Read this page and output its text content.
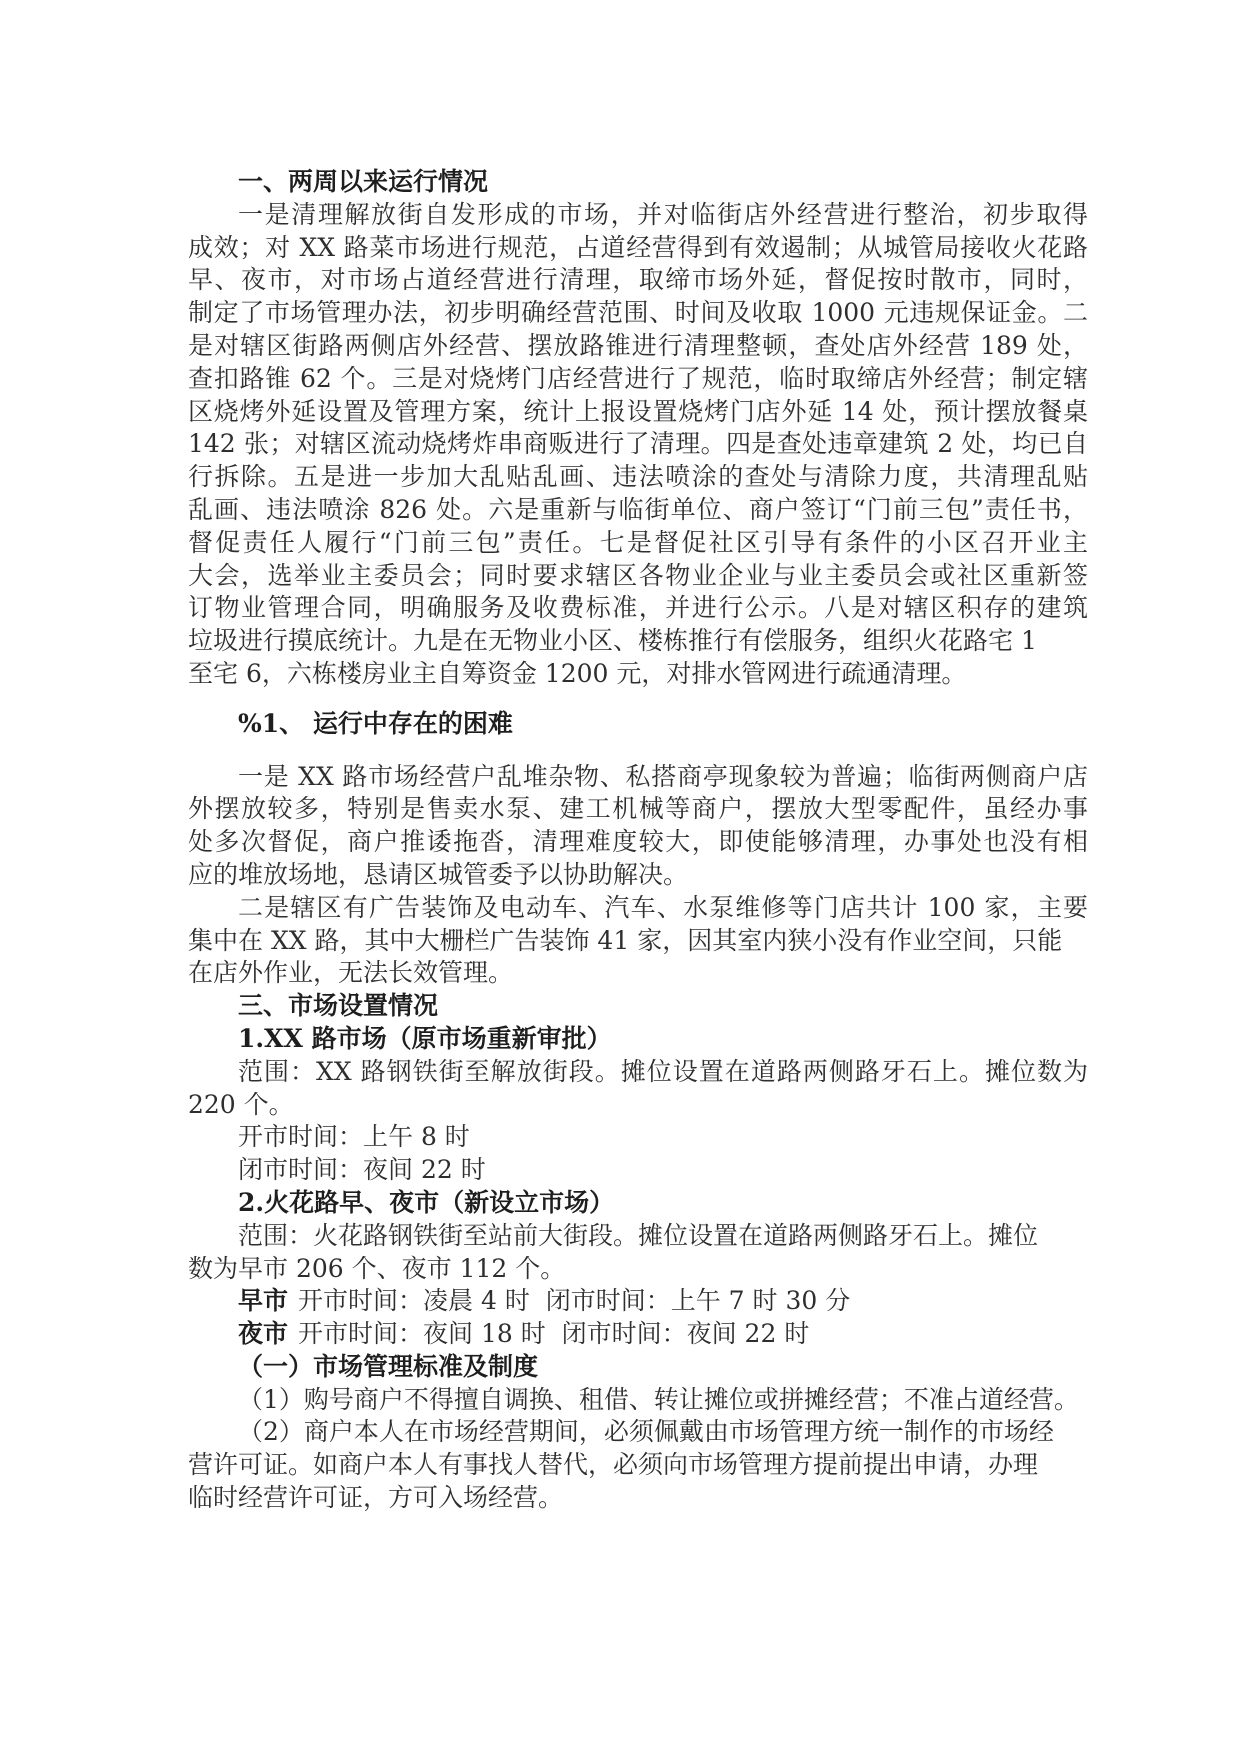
一、两周以来运行情况
一是清理解放街自发形成的市场，并对临街店外经营进行整治，初步取得
成效；对 XX 路菜市场进行规范，占道经营得到有效遏制；从城管局接收火花路
早、夜市，对市场占道经营进行清理，取缔市场外延，督促按时散市，同时，
制定了市场管理办法，初步明确经营范围、时间及收取 1000 元违规保证金。二
是对辖区街路两侧店外经营、摆放路锥进行清理整顿，查处店外经营 189 处，
查扣路锥 62 个。三是对烧烤门店经营进行了规范，临时取缔店外经营；制定辖
区烧烤外延设置及管理方案，统计上报设置烧烤门店外延 14 处，预计摆放餐桌
142 张；对辖区流动烧烤炸串商贩进行了清理。四是查处违章建筑 2 处，均已自
行拆除。五是进一步加大乱贴乱画、违法喷涂的查处与清除力度，共清理乱贴
乱画、违法喷涂 826 处。六是重新与临街单位、商户签订“门前三包”责任书，
督促责任人履行“门前三包”责任。七是督促社区引导有条件的小区召开业主
大会，选举业主委员会；同时要求辖区各物业企业与业主委员会或社区重新签
订物业管理合同，明确服务及收费标准，并进行公示。八是对辖区积存的建筑
垃圾进行摸底统计。九是在无物业小区、楼栋推行有偿服务，组织火花路宅 1
至宅 6，六栋楼房业主自筹资金 1200 元，对排水管网进行疏通清理。
%1、 运行中存在的困难
一是 XX 路市场经营户乱堆杂物、私搭商亭现象较为普遍；临街两侧商户店
外摆放较多，特别是售卖水泵、建工机械等商户，摆放大型零配件，虽经办事
处多次督促，商户推诿拖沓，清理难度较大，即使能够清理，办事处也没有相
应的堆放场地，恳请区城管委予以协助解决。
二是辖区有广告装饰及电动车、汽车、水泵维修等门店共计 100 家，主要
集中在 XX 路，其中大栅栏广告装饰 41 家，因其室内狭小没有作业空间，只能
在店外作业，无法长效管理。
三、市场设置情况
1.XX 路市场（原市场重新审批）
范围：XX 路钢铁街至解放街段。摊位设置在道路两侧路牙石上。摊位数为
220 个。
开市时间：上午 8 时
闭市时间：夜间 22 时
2.火花路早、夜市（新设立市场）
范围：火花路钢铁街至站前大街段。摊位设置在道路两侧路牙石上。摊位
数为早市 206 个、夜市 112 个。
早市 开市时间：凌晨 4 时  闭市时间：上午 7 时 30 分
夜市 开市时间：夜间 18 时  闭市时间：夜间 22 时
（一）市场管理标准及制度
（1）购号商户不得擅自调换、租借、转让摊位或拼摊经营；不准占道经营。
（2）商户本人在市场经营期间，必须佩戴由市场管理方统一制作的市场经
营许可证。如商户本人有事找人替代，必须向市场管理方提前提出申请，办理
临时经营许可证，方可入场经营。
